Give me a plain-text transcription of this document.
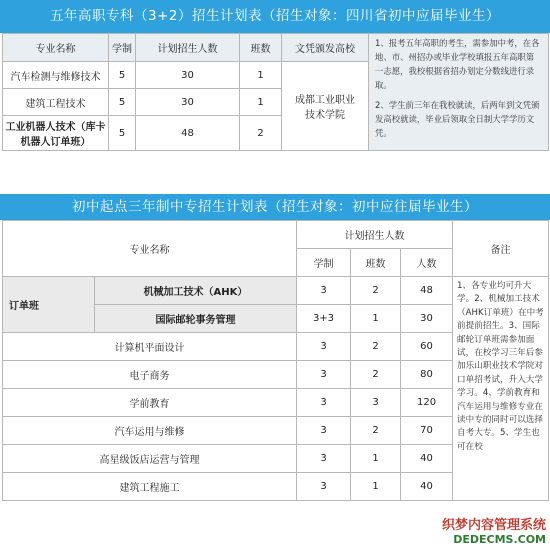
五年高职专科（3+2）招生计划表（招生对象：四川省初中应届毕业生）
专业名称	学制	计划招生人数	班数	文凭颁发高校	1、报考五年高职的考生，需参加中考，在各地、市、州招办或毕业学校填报五年高职第一志愿，我校根据省招办划定分数线进行录取。
2、学生前三年在我校就读，后两年到文凭颁发高校就读，毕业后领取全日制大学学历文凭。

汽车检测与维修技术	5	30	1	成都工业职业技术学院	
建筑工程技术	5	30	1		
工业机器人技术（库卡机器人订单班）	5	48	2		
初中起点三年制中专招生计划表（招生对象：初中应往届毕业生）
专业名称		计划招生人数			备注
		学制	班数	人数	
订单班	机械加工技术（AHK）	3	2	48	1、各专业均可升大学。2、机械加工技术（AHK订单班）在中考前提前招生。3、国际邮轮订单班需参加面试，在校学习三年后参加乐山职业技术学院对口单招考试，升入大学学习。4、学前教育和汽车运用与维修专业在读中专的同时可以选择自考大专。5、学生也可在校
	国际邮轮事务管理	3+3	1	30	
计算机平面设计		3	2	60	
电子商务		3	2	80	
学前教育		3	3	120	
汽车运用与维修		3	2	70	
高星级饭店运营与管理		3	1	40	
建筑工程施工		3	1	40	
织梦内容管理系统
DEDECMS.COM
